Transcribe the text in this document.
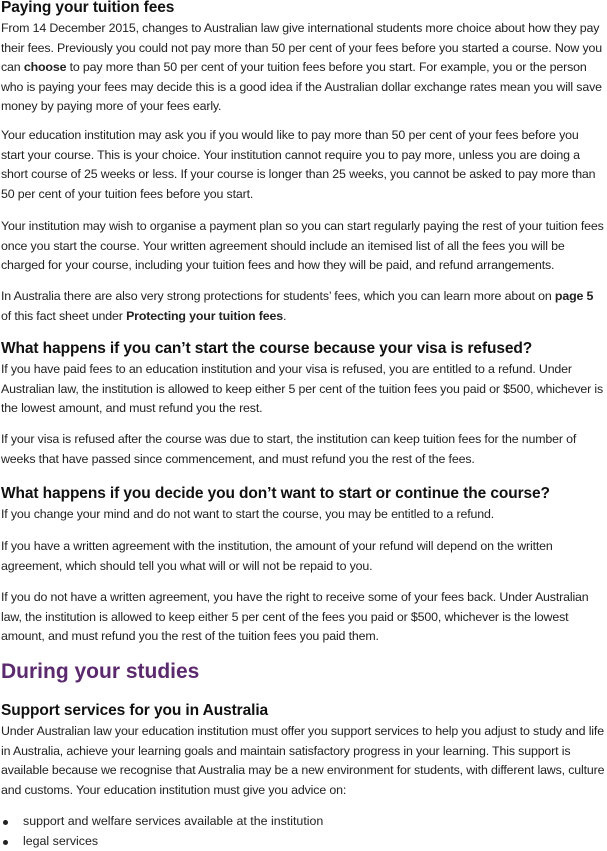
Paying your tuition fees

From 14 December 2015, changes to Australian law give international students more choice about how they pay their fees. Previously you could not pay more than 50 per cent of your fees before you started a course. Now you can choose to pay more than 50 per cent of your tuition fees before you start. For example, you or the person who is paying your fees may decide this is a good idea if the Australian dollar exchange rates mean you will save money by paying more of your fees early.

Your education institution may ask you if you would like to pay more than 50 per cent of your fees before you start your course. This is your choice. Your institution cannot require you to pay more, unless you are doing a short course of 25 weeks or less. If your course is longer than 25 weeks, you cannot be asked to pay more than 50 per cent of your tuition fees before you start.

Your institution may wish to organise a payment plan so you can start regularly paying the rest of your tuition fees once you start the course. Your written agreement should include an itemised list of all the fees you will be charged for your course, including your tuition fees and how they will be paid, and refund arrangements.

In Australia there are also very strong protections for students’ fees, which you can learn more about on page 5 of this fact sheet under Protecting your tuition fees.

What happens if you can’t start the course because your visa is refused?

If you have paid fees to an education institution and your visa is refused, you are entitled to a refund. Under Australian law, the institution is allowed to keep either 5 per cent of the tuition fees you paid or $500, whichever is the lowest amount, and must refund you the rest.

If your visa is refused after the course was due to start, the institution can keep tuition fees for the number of weeks that have passed since commencement, and must refund you the rest of the fees.

What happens if you decide you don’t want to start or continue the course?

If you change your mind and do not want to start the course, you may be entitled to a refund.

If you have a written agreement with the institution, the amount of your refund will depend on the written agreement, which should tell you what will or will not be repaid to you.

If you do not have a written agreement, you have the right to receive some of your fees back. Under Australian law, the institution is allowed to keep either 5 per cent of the fees you paid or $500, whichever is the lowest amount, and must refund you the rest of the tuition fees you paid them.

During your studies
Support services for you in Australia

Under Australian law your education institution must offer you support services to help you adjust to study and life in Australia, achieve your learning goals and maintain satisfactory progress in your learning. This support is available because we recognise that Australia may be a new environment for students, with different laws, culture and customs. Your education institution must give you advice on:

support and welfare services available at the institution
legal services
